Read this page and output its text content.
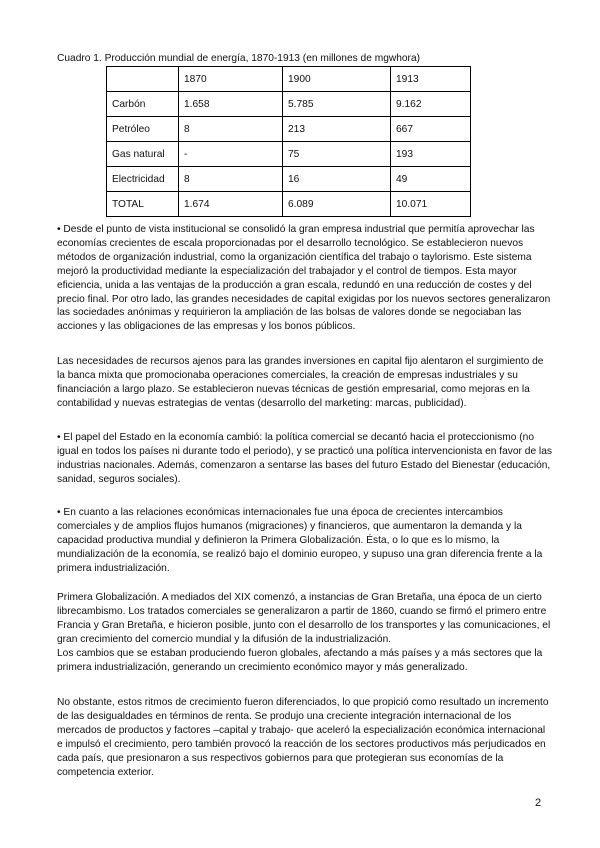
Cuadro 1. Producción mundial de energía, 1870-1913 (en millones de mgwhora)
	1870	1900	1913
Carbón	1.658	5.785	9.162
Petróleo	8	213	667
Gas natural	-	75	193
Electricidad	8	16	49
TOTAL	1.674	6.089	10.071

• Desde el punto de vista institucional se consolidó la gran empresa industrial que permitía aprovechar las economías crecientes de escala proporcionadas por el desarrollo tecnológico. Se establecieron nuevos métodos de organización industrial, como la organización científica del trabajo o taylorismo. Este sistema mejoró la productividad mediante la especialización del trabajador y el control de tiempos. Esta mayor eficiencia, unida a las ventajas de la producción a gran escala, redundó en una reducción de costes y del precio final. Por otro lado, las grandes necesidades de capital exigidas por los nuevos sectores generalizaron las sociedades anónimas y requirieron la ampliación de las bolsas de valores donde se negociaban las acciones y las obligaciones de las empresas y los bonos públicos.

Las necesidades de recursos ajenos para las grandes inversiones en capital fijo alentaron el surgimiento de la banca mixta que promocionaba operaciones comerciales, la creación de empresas industriales y su financiación a largo plazo. Se establecieron nuevas técnicas de gestión empresarial, como mejoras en la contabilidad y nuevas estrategias de ventas (desarrollo del marketing: marcas, publicidad).

• El papel del Estado en la economía cambió: la política comercial se decantó hacia el proteccionismo (no igual en todos los países ni durante todo el periodo), y se practicó una política intervencionista en favor de las industrias nacionales. Además, comenzaron a sentarse las bases del futuro Estado del Bienestar (educación, sanidad, seguros sociales).

• En cuanto a las relaciones económicas internacionales fue una época de crecientes intercambios comerciales y de amplios flujos humanos (migraciones) y financieros, que aumentaron la demanda y la capacidad productiva mundial y definieron la Primera Globalización. Ésta, o lo que es lo mismo, la mundialización de la economía, se realizó bajo el dominio europeo, y supuso una gran diferencia frente a la primera industrialización.

Primera Globalización. A mediados del XIX comenzó, a instancias de Gran Bretaña, una época de un cierto librecambismo. Los tratados comerciales se generalizaron a partir de 1860, cuando se firmó el primero entre Francia y Gran Bretaña, e hicieron posible, junto con el desarrollo de los transportes y las comunicaciones, el gran crecimiento del comercio mundial y la difusión de la industrialización.

Los cambios que se estaban produciendo fueron globales, afectando a más países y a más sectores que la primera industrialización, generando un crecimiento económico mayor y más generalizado.

No obstante, estos ritmos de crecimiento fueron diferenciados, lo que propició como resultado un incremento de las desigualdades en términos de renta. Se produjo una creciente integración internacional de los mercados de productos y factores –capital y trabajo- que aceleró la especialización económica internacional e impulsó el crecimiento, pero también provocó la reacción de los sectores productivos más perjudicados en cada país, que presionaron a sus respectivos gobiernos para que protegieran sus economías de la competencia exterior.

2
